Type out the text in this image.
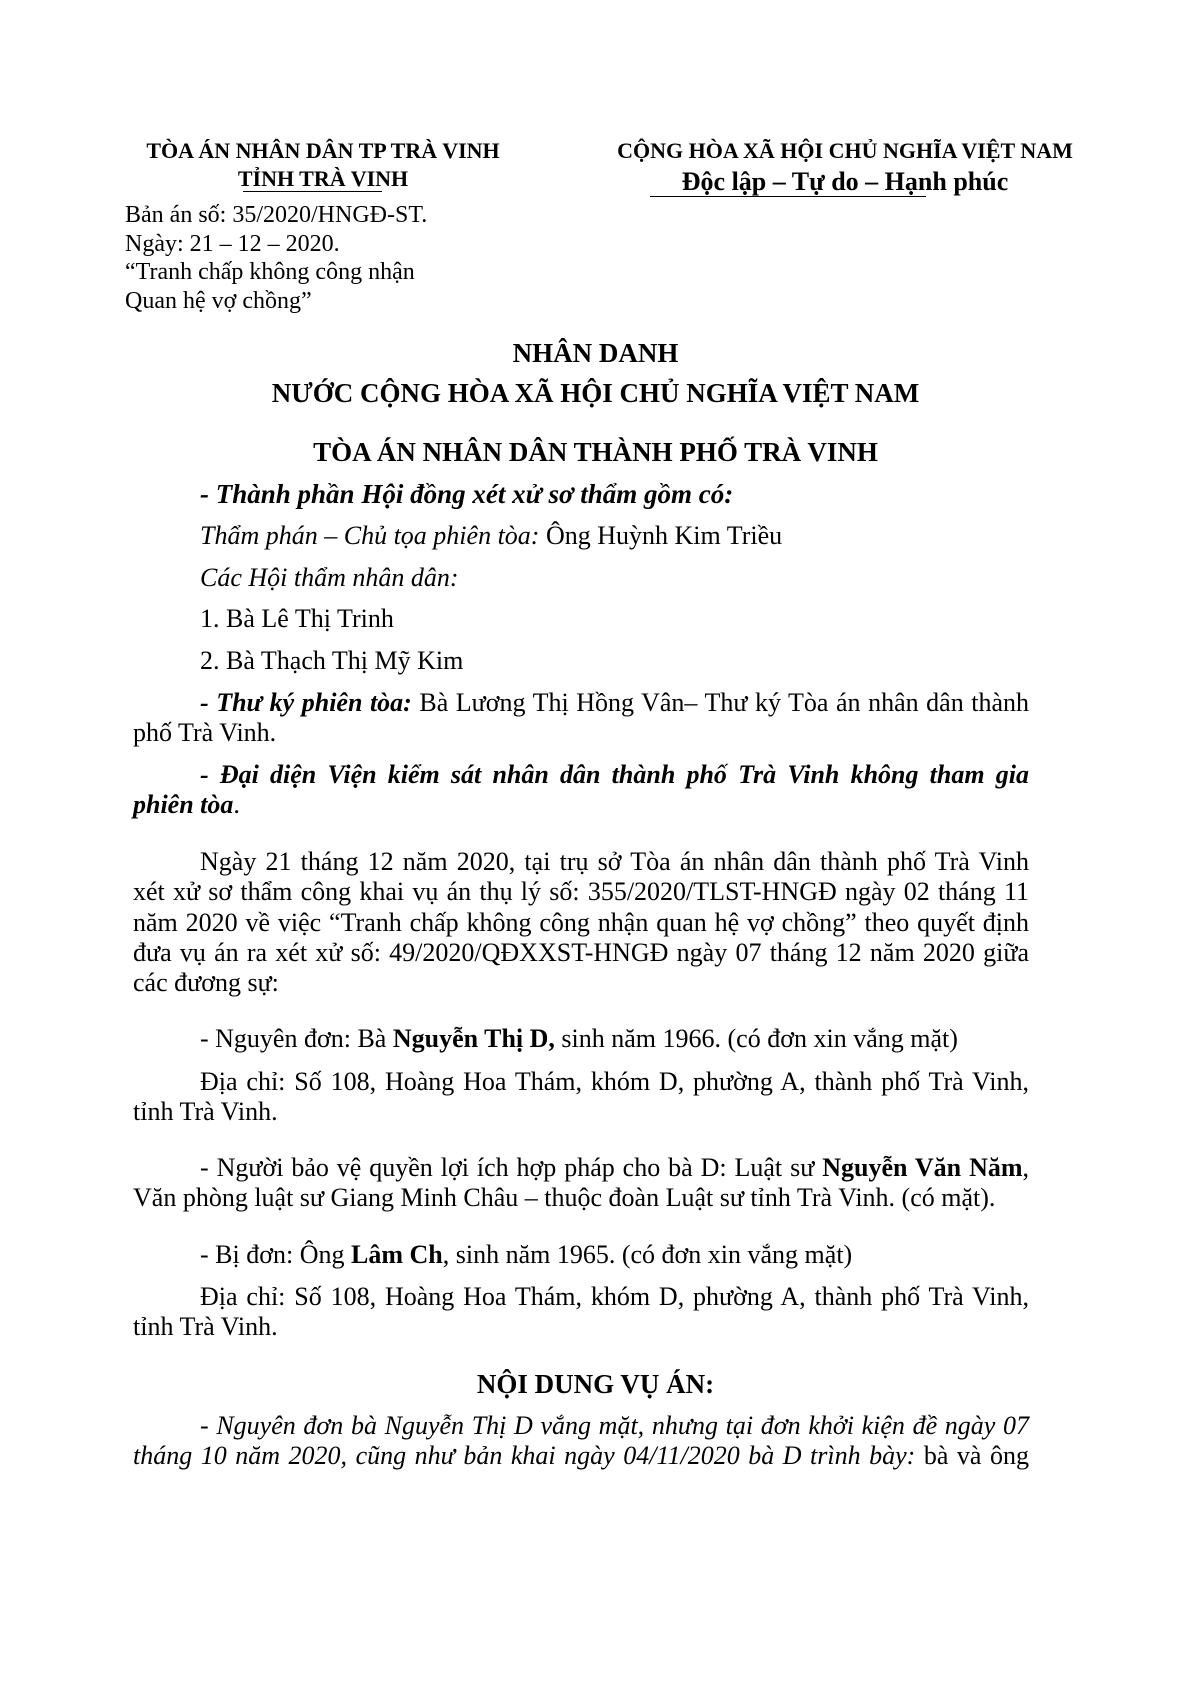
TÒA ÁN NHÂN DÂN TP TRÀ VINH
TỈNH TRÀ VINH
CỘNG HÒA XÃ HỘI CHỦ NGHĨA VIỆT NAM
Độc lập – Tự do – Hạnh phúc
Bản án số: 35/2020/HNGĐ-ST.
Ngày: 21 – 12 – 2020.
“Tranh chấp không công nhận
Quan hệ vợ chồng”
NHÂN DANH
NƯỚC CỘNG HÒA XÃ HỘI CHỦ NGHĨA VIỆT NAM
TÒA ÁN NHÂN DÂN THÀNH PHỐ TRÀ VINH
- Thành phần Hội đồng xét xử sơ thẩm gồm có:
Thẩm phán – Chủ tọa phiên tòa: Ông Huỳnh Kim Triều
Các Hội thẩm nhân dân:
1. Bà Lê Thị Trinh
2. Bà Thạch Thị Mỹ Kim
- Thư ký phiên tòa: Bà Lương Thị Hồng Vân– Thư ký Tòa án nhân dân thành
phố Trà Vinh.
- Đại diện Viện kiểm sát nhân dân thành phố Trà Vinh không tham gia
phiên tòa.
Ngày 21 tháng 12 năm 2020, tại trụ sở Tòa án nhân dân thành phố Trà Vinh
xét xử sơ thẩm công khai vụ án thụ lý số: 355/2020/TLST-HNGĐ ngày 02 tháng 11
năm 2020 về việc “Tranh chấp không công nhận quan hệ vợ chồng” theo quyết định
đưa vụ án ra xét xử số: 49/2020/QĐXXST-HNGĐ ngày 07 tháng 12 năm 2020 giữa
các đương sự:
- Nguyên đơn: Bà Nguyễn Thị D, sinh năm 1966. (có đơn xin vắng mặt)
Địa chỉ: Số 108, Hoàng Hoa Thám, khóm D, phường A, thành phố Trà Vinh,
tỉnh Trà Vinh.
- Người bảo vệ quyền lợi ích hợp pháp cho bà D: Luật sư Nguyễn Văn Năm,
Văn phòng luật sư Giang Minh Châu – thuộc đoàn Luật sư tỉnh Trà Vinh. (có mặt).
- Bị đơn: Ông Lâm Ch, sinh năm 1965. (có đơn xin vắng mặt)
Địa chỉ: Số 108, Hoàng Hoa Thám, khóm D, phường A, thành phố Trà Vinh,
tỉnh Trà Vinh.
NỘI DUNG VỤ ÁN:
- Nguyên đơn bà Nguyễn Thị D vắng mặt, nhưng tại đơn khởi kiện đề ngày 07
tháng 10 năm 2020, cũng như bản khai ngày 04/11/2020 bà D trình bày: bà và ông
